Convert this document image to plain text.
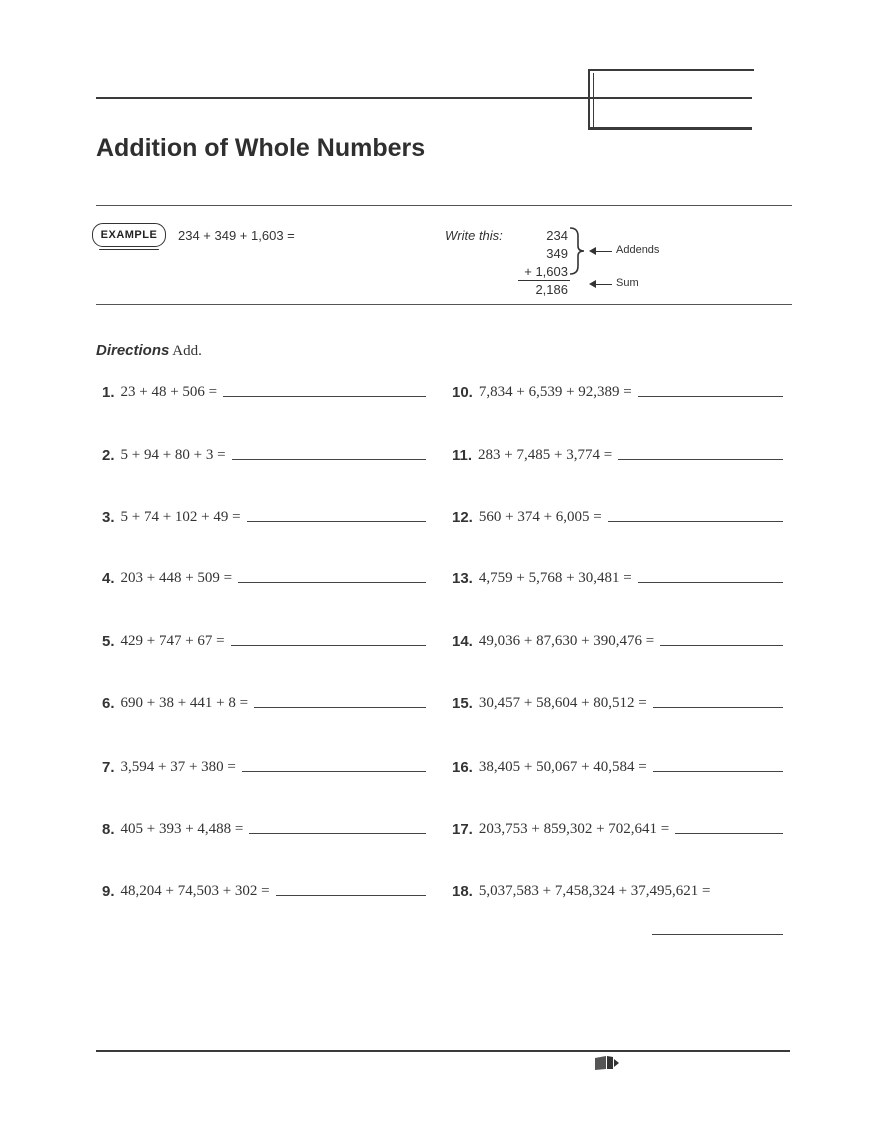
Addition of Whole Numbers
EXAMPLE	234 + 349 + 1,603 =	Write this:	234
349
+ 1,603
2,186
Addends
Sum
Directions Add.
1. 23 + 48 + 506 =
2. 5 + 94 + 80 + 3 =
3. 5 + 74 + 102 + 49 =
4. 203 + 448 + 509 =
5. 429 + 747 + 67 =
6. 690 + 38 + 441 + 8 =
7. 3,594 + 37 + 380 =
8. 405 + 393 + 4,488 =
9. 48,204 + 74,503 + 302 =
10. 7,834 + 6,539 + 92,389 =
11. 283 + 7,485 + 3,774 =
12. 560 + 374 + 6,005 =
13. 4,759 + 5,768 + 30,481 =
14. 49,036 + 87,630 + 390,476 =
15. 30,457 + 58,604 + 80,512 =
16. 38,405 + 50,067 + 40,584 =
17. 203,753 + 859,302 + 702,641 =
18. 5,037,583 + 7,458,324 + 37,495,621 =
